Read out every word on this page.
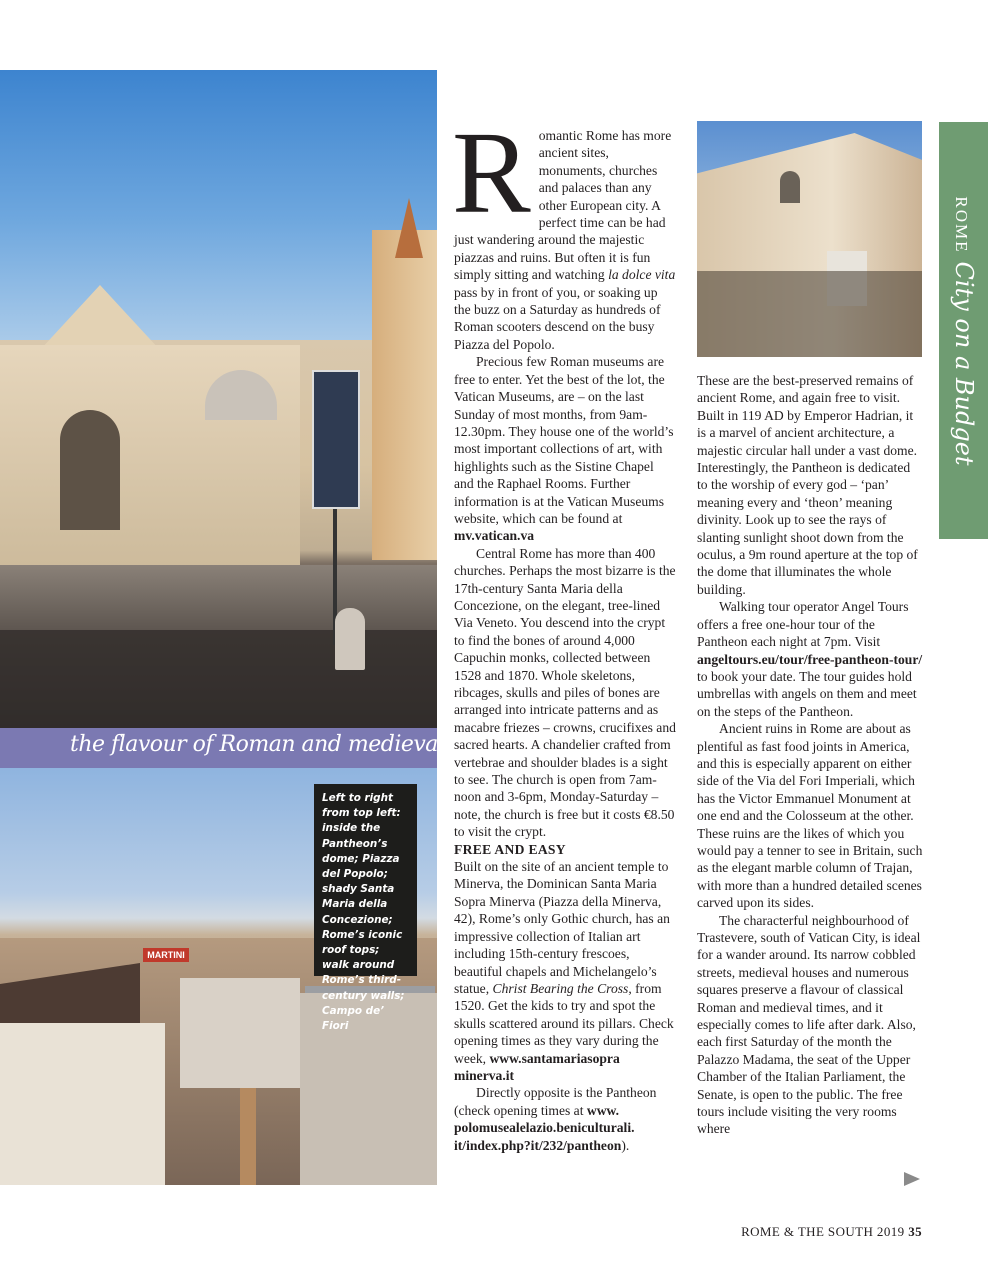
the flavour of Roman and medieval times
MARTINI

Left to right from top left: inside the Pantheon’s dome; Piazza del Popolo; shady Santa Maria della Concezione; Rome’s iconic roof tops; walk around Rome’s third-century walls; Campo de’ Fiori

ROMECity on a Budget

Romantic Rome has more ancient sites, monuments, churches and palaces than any other European city. A perfect time can be had just wandering around the majestic piazzas and ruins. But often it is fun simply sitting and watching la dolce vita pass by in front of you, or soaking up the buzz on a Saturday as hundreds of Roman scooters descend on the busy Piazza del Popolo.

Precious few Roman museums are free to enter. Yet the best of the lot, the Vatican Museums, are – on the last Sunday of most months, from 9am-12.30pm. They house one of the world’s most important collections of art, with highlights such as the Sistine Chapel and the Raphael Rooms. Further information is at the Vatican Museums website, which can be found at mv.vatican.va

Central Rome has more than 400 churches. Perhaps the most bizarre is the 17th-century Santa Maria della Concezione, on the elegant, tree-lined Via Veneto. You descend into the crypt to find the bones of around 4,000 Capuchin monks, collected between 1528 and 1870. Whole skeletons, ribcages, skulls and piles of bones are arranged into intricate patterns and as macabre friezes – crowns, crucifixes and sacred hearts. A chandelier crafted from vertebrae and shoulder blades is a sight to see. The church is open from 7am-noon and 3-6pm, Monday-Saturday – note, the church is free but it costs €8.50 to visit the crypt.

FREE AND EASY

Built on the site of an ancient temple to Minerva, the Dominican Santa Maria Sopra Minerva (Piazza della Minerva, 42), Rome’s only Gothic church, has an impressive collection of Italian art including 15th-century frescoes, beautiful chapels and Michelangelo’s statue, Christ Bearing the Cross, from 1520. Get the kids to try and spot the skulls scattered around its pillars. Check opening times as they vary during the week, www.santamariasopra minerva.it

Directly opposite is the Pantheon (check opening times at www. polomusealelazio.beniculturali. it/index.php?it/232/pantheon).

These are the best-preserved remains of ancient Rome, and again free to visit. Built in 119 AD by Emperor Hadrian, it is a marvel of ancient architecture, a majestic circular hall under a vast dome. Interestingly, the Pantheon is dedicated to the worship of every god – ‘pan’ meaning every and ‘theon’ meaning divinity. Look up to see the rays of slanting sunlight shoot down from the oculus, a 9m round aperture at the top of the dome that illuminates the whole building.

Walking tour operator Angel Tours offers a free one-hour tour of the Pantheon each night at 7pm. Visit angeltours.eu/tour/free-pantheon-tour/ to book your date. The tour guides hold umbrellas with angels on them and meet on the steps of the Pantheon.

Ancient ruins in Rome are about as plentiful as fast food joints in America, and this is especially apparent on either side of the Via del Fori Imperiali, which has the Victor Emmanuel Monument at one end and the Colosseum at the other. These ruins are the likes of which you would pay a tenner to see in Britain, such as the elegant marble column of Trajan, with more than a hundred detailed scenes carved upon its sides.

The characterful neighbourhood of Trastevere, south of Vatican City, is ideal for a wander around. Its narrow cobbled streets, medieval houses and numerous squares preserve a flavour of classical Roman and medieval times, and it especially comes to life after dark. Also, each first Saturday of the month the Palazzo Madama, the seat of the Upper Chamber of the Italian Parliament, the Senate, is open to the public. The free tours include visiting the very rooms where

ROME & THE SOUTH 2019 35
